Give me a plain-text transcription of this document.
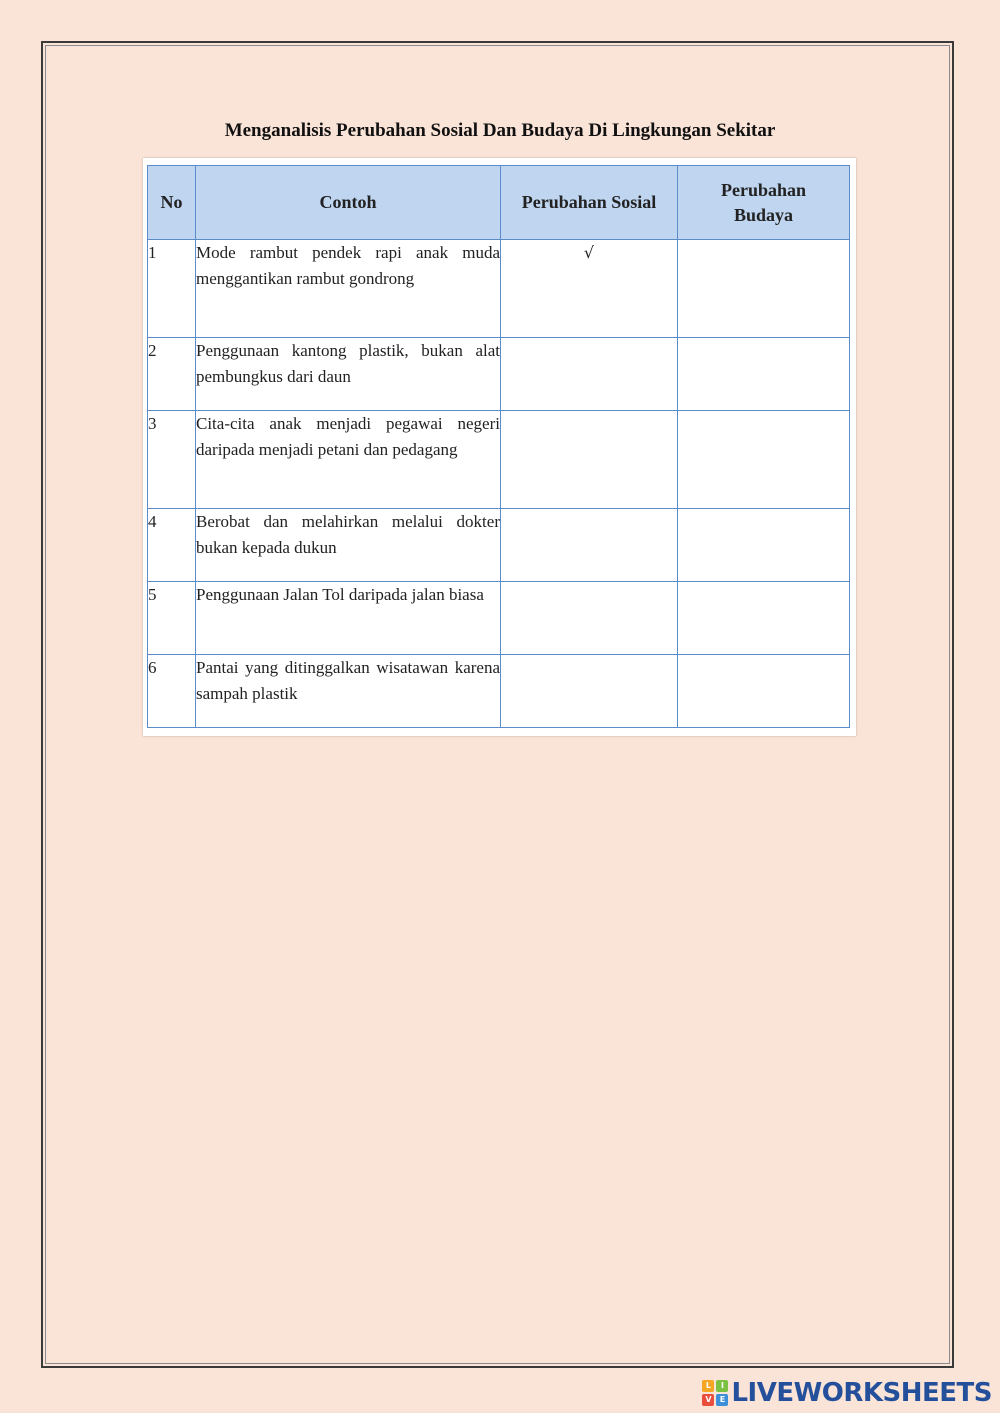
Menganalisis Perubahan Sosial Dan Budaya Di Lingkungan Sekitar
No	Contoh	Perubahan Sosial	Perubahan
Budaya
1	Mode rambut pendek rapi anak muda menggantikan rambut gondrong	√	
2	Penggunaan kantong plastik, bukan alat pembungkus dari daun		
3	Cita-cita anak menjadi pegawai negeri daripada menjadi petani dan pedagang		
4	Berobat dan melahirkan melalui dokter bukan kepada dukun		
5	Penggunaan Jalan Tol daripada jalan biasa		
6	Pantai yang ditinggalkan wisatawan karena sampah plastik		
L	I
V	E LIVEWORKSHEETS
